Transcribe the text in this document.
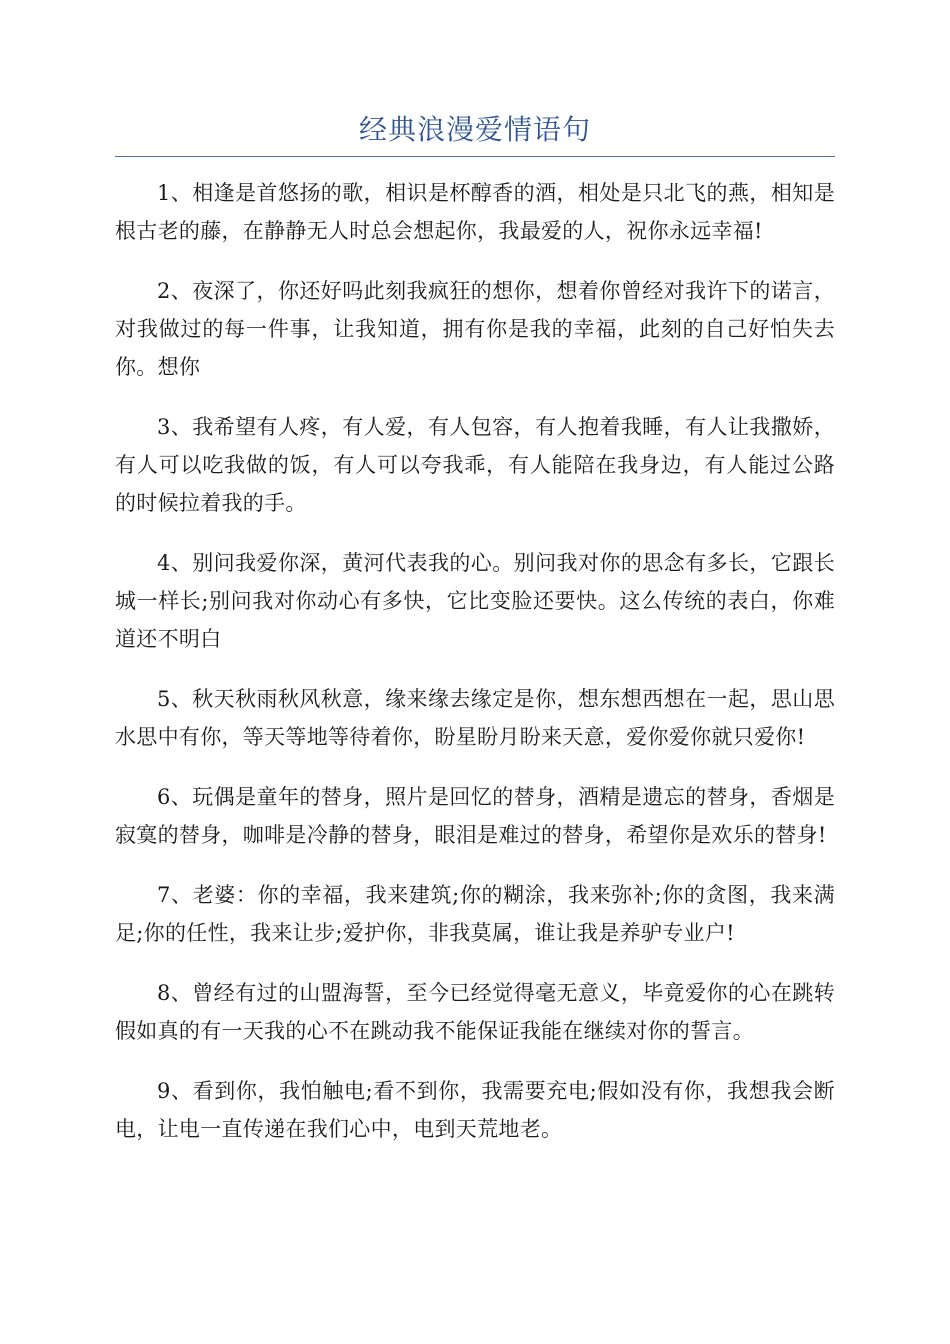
经典浪漫爱情语句

1、相逢是首悠扬的歌，相识是杯醇香的酒，相处是只北飞的燕，相知是根古老的藤，在静静无人时总会想起你，我最爱的人，祝你永远幸福!

2、夜深了，你还好吗此刻我疯狂的想你，想着你曾经对我许下的诺言，对我做过的每一件事，让我知道，拥有你是我的幸福，此刻的自己好怕失去你。想你

3、我希望有人疼，有人爱，有人包容，有人抱着我睡，有人让我撒娇，有人可以吃我做的饭，有人可以夸我乖，有人能陪在我身边，有人能过公路的时候拉着我的手。

4、别问我爱你深，黄河代表我的心。别问我对你的思念有多长，它跟长城一样长;别问我对你动心有多快，它比变脸还要快。这么传统的表白，你难道还不明白

5、秋天秋雨秋风秋意，缘来缘去缘定是你，想东想西想在一起，思山思水思中有你，等天等地等待着你，盼星盼月盼来天意，爱你爱你就只爱你!

6、玩偶是童年的替身，照片是回忆的替身，酒精是遗忘的替身，香烟是寂寞的替身，咖啡是冷静的替身，眼泪是难过的替身，希望你是欢乐的替身!

7、老婆：你的幸福，我来建筑;你的糊涂，我来弥补;你的贪图，我来满足;你的任性，我来让步;爱护你，非我莫属，谁让我是养驴专业户!

8、曾经有过的山盟海誓，至今已经觉得毫无意义，毕竟爱你的心在跳转假如真的有一天我的心不在跳动我不能保证我能在继续对你的誓言。

9、看到你，我怕触电;看不到你，我需要充电;假如没有你，我想我会断电，让电一直传递在我们心中，电到天荒地老。
